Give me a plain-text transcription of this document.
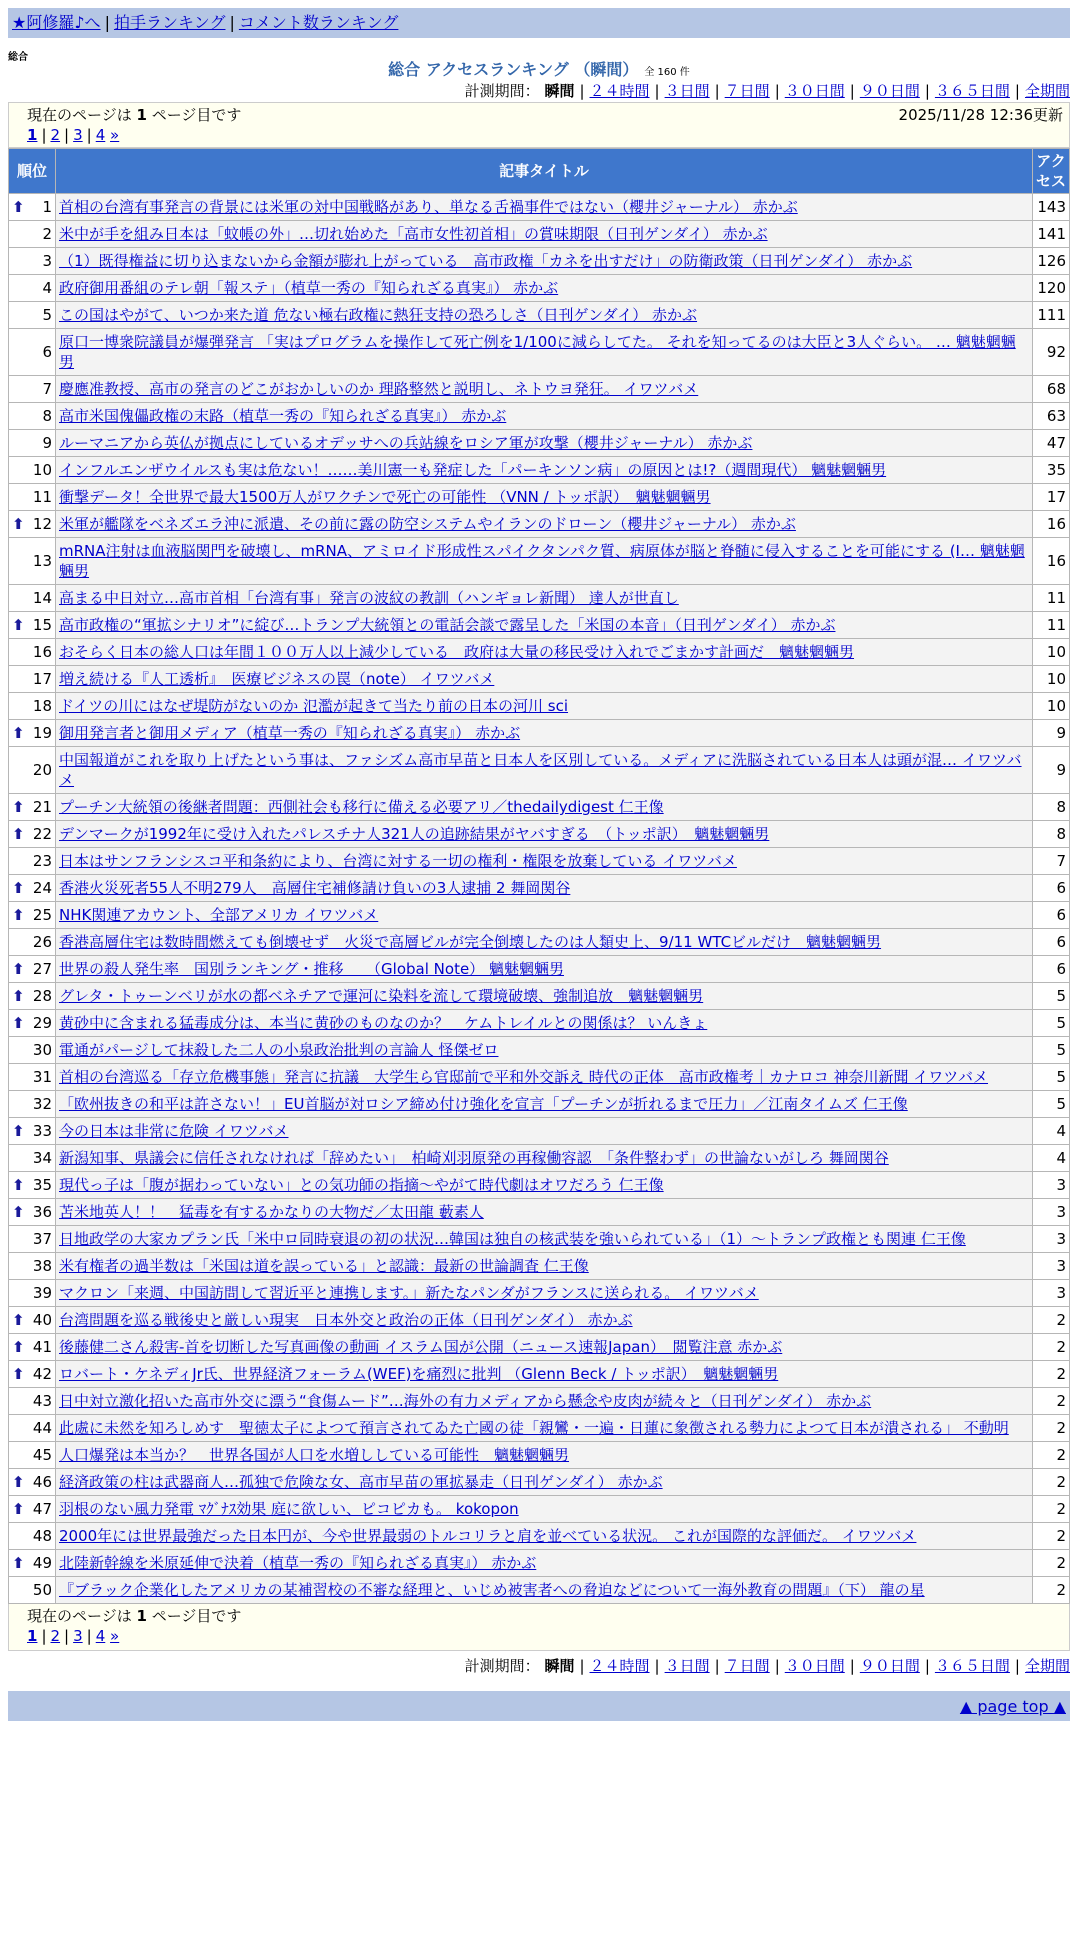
★阿修羅♪へ | 拍手ランキング | コメント数ランキング
総合
総合 アクセスランキング （瞬間） 全 160 件
計測期間： 瞬間 | ２４時間 | ３日間 | ７日間 | ３０日間 | ９０日間 | ３６５日間 | 全期間
現在のページは 1 ページ目です	2025/11/28 12:36更新
1 | 2 | 3 | 4 »
順位	記事タイトル	アクセス

⬆ 1	首相の台湾有事発言の背景には米軍の対中国戦略があり、単なる舌禍事件ではない（櫻井ジャーナル） 赤かぶ	143
2	米中が手を組み日本は「蚊帳の外」…切れ始めた「高市女性初首相」の賞味期限（日刊ゲンダイ） 赤かぶ	141
3	（1）既得権益に切り込まないから金額が膨れ上がっている　高市政権「カネを出すだけ」の防衛政策（日刊ゲンダイ） 赤かぶ	126
4	政府御用番組のテレ朝「報ステ」（植草一秀の『知られざる真実』） 赤かぶ	120
5	この国はやがて、いつか来た道 危ない極右政権に熱狂支持の恐ろしさ（日刊ゲンダイ） 赤かぶ	111
6	原口一博衆院議員が爆弾発言 「実はプログラムを操作して死亡例を1/100に減らしてた。 それを知ってるのは大臣と3人ぐらい。 … 魑魅魍魎男	92
7	慶應准教授、高市の発言のどこがおかしいのか 理路整然と説明し、ネトウヨ発狂。 イワツバメ	68
8	高市米国傀儡政権の末路（植草一秀の『知られざる真実』） 赤かぶ	63
9	ルーマニアから英仏が拠点にしているオデッサへの兵站線をロシア軍が攻撃（櫻井ジャーナル） 赤かぶ	47
10	インフルエンザウイルスも実は危ない！……美川憲一も発症した「パーキンソン病」の原因とは!?（週間現代） 魑魅魍魎男	35
11	衝撃データ！全世界で最大1500万人がワクチンで死亡の可能性 （VNN / トッポ訳）　魑魅魍魎男	17

⬆ 12	米軍が艦隊をベネズエラ沖に派遣、その前に露の防空システムやイランのドローン（櫻井ジャーナル） 赤かぶ	16
13	mRNA注射は血液脳関門を破壊し、mRNA、アミロイド形成性スパイクタンパク質、病原体が脳と脊髄に侵入することを可能にする (I… 魑魅魍魎男	16
14	高まる中日対立…高市首相「台湾有事」発言の波紋の教訓（ハンギョレ新聞） 達人が世直し	11

⬆ 15	高市政権の“軍拡シナリオ”に綻び…トランプ大統領との電話会談で露呈した「米国の本音」（日刊ゲンダイ） 赤かぶ	11
16	おそらく日本の総人口は年間１００万人以上減少している　政府は大量の移民受け入れでごまかす計画だ　魑魅魍魎男	10
17	増え続ける『人工透析』　医療ビジネスの罠（note） イワツバメ	10
18	ドイツの川にはなぜ堤防がないのか 氾濫が起きて当たり前の日本の河川 sci	10

⬆ 19	御用発言者と御用メディア（植草一秀の『知られざる真実』） 赤かぶ	9
20	中国報道がこれを取り上げたという事は、ファシズム高市早苗と日本人を区別している。メディアに洗脳されている日本人は頭が混… イワツバメ	9

⬆ 21	プーチン大統領の後継者問題：西側社会も移行に備える必要アリ／thedailydigest 仁王像	8

⬆ 22	デンマークが1992年に受け入れたパレスチナ人321人の追跡結果がヤバすぎる　（トッポ訳）　魑魅魍魎男	8
23	日本はサンフランシスコ平和条約により、台湾に対する一切の権利・権限を放棄している イワツバメ	7

⬆ 24	香港火災死者55人不明279人　高層住宅補修請け負いの3人逮捕 2 舞岡関谷	6

⬆ 25	NHK関連アカウント、全部アメリカ イワツバメ	6
26	香港高層住宅は数時間燃えても倒壊せず　火災で高層ビルが完全倒壊したのは人類史上、9/11 WTCビルだけ　魑魅魍魎男	6

⬆ 27	世界の殺人発生率　国別ランキング・推移　　（Global Note） 魑魅魍魎男	6

⬆ 28	グレタ・トゥーンベリが水の都ベネチアで運河に染料を流して環境破壊、強制追放　魑魅魍魎男	5

⬆ 29	黄砂中に含まれる猛毒成分は、本当に黄砂のものなのか？　ケムトレイルとの関係は？ いんきょ	5
30	電通がパージして抹殺した二人の小泉政治批判の言論人 怪傑ゼロ	5
31	首相の台湾巡る「存立危機事態」発言に抗議　大学生ら官邸前で平和外交訴え 時代の正体　高市政権考｜カナロコ 神奈川新聞 イワツバメ	5
32	「欧州抜きの和平は許さない！」EU首脳が対ロシア締め付け強化を宣言「プーチンが折れるまで圧力」／江南タイムズ 仁王像	5

⬆ 33	今の日本は非常に危険 イワツバメ	4
34	新潟知事、県議会に信任されなければ「辞めたい」　柏崎刈羽原発の再稼働容認　「条件整わず」の世論ないがしろ 舞岡関谷	4

⬆ 35	現代っ子は「腹が据わっていない」との気功師の指摘〜やがて時代劇はオワだろう 仁王像	3

⬆ 36	苫米地英人！！　猛毒を有するかなりの大物だ／太田龍 藪素人	3
37	日地政学の大家カプラン氏「米中ロ同時衰退の初の状況…韓国は独自の核武装を強いられている」（1）〜トランプ政権とも関連 仁王像	3
38	米有権者の過半数は「米国は道を誤っている」と認識：最新の世論調査 仁王像	3
39	マクロン「来週、中国訪問して習近平と連携します。」新たなパンダがフランスに送られる。 イワツバメ	3

⬆ 40	台湾問題を巡る戦後史と厳しい現実　日本外交と政治の正体（日刊ゲンダイ） 赤かぶ	2

⬆ 41	後藤健二さん殺害-首を切断した写真画像の動画 イスラム国が公開（ニュース速報Japan）　閲覧注意 赤かぶ	2

⬆ 42	ロバート・ケネディJr氏、世界経済フォーラム(WEF)を痛烈に批判 （Glenn Beck / トッポ訳）　魑魅魍魎男	2
43	日中対立激化招いた高市外交に漂う“食傷ムード”…海外の有力メディアから懸念や皮肉が続々と（日刊ゲンダイ） 赤かぶ	2
44	此處に未然を知ろしめす　聖徳太子によつて預言されてゐた亡國の徒「親鸞・一遍・日蓮に象徴される勢力によつて日本が潰される」 不動明	2
45	人口爆発は本当か？　世界各国が人口を水増ししている可能性　魑魅魍魎男	2

⬆ 46	経済政策の柱は武器商人…孤独で危険な女、高市早苗の軍拡暴走（日刊ゲンダイ） 赤かぶ	2

⬆ 47	羽根のない風力発電 ﾏｸﾞﾅｽ効果 庭に欲しい、ピコピカも。 kokopon	2
48	2000年には世界最強だった日本円が、今や世界最弱のトルコリラと肩を並べている状況。 これが国際的な評価だ。 イワツバメ	2

⬆ 49	北陸新幹線を米原延伸で決着（植草一秀の『知られざる真実』） 赤かぶ	2
50	『ブラック企業化したアメリカの某補習校の不審な経理と、いじめ被害者への脅迫などについて一海外教育の問題』（下） 龍の星	2
現在のページは 1 ページ目です
1 | 2 | 3 | 4 »
計測期間： 瞬間 | ２４時間 | ３日間 | ７日間 | ３０日間 | ９０日間 | ３６５日間 | 全期間
▲ page top ▲
